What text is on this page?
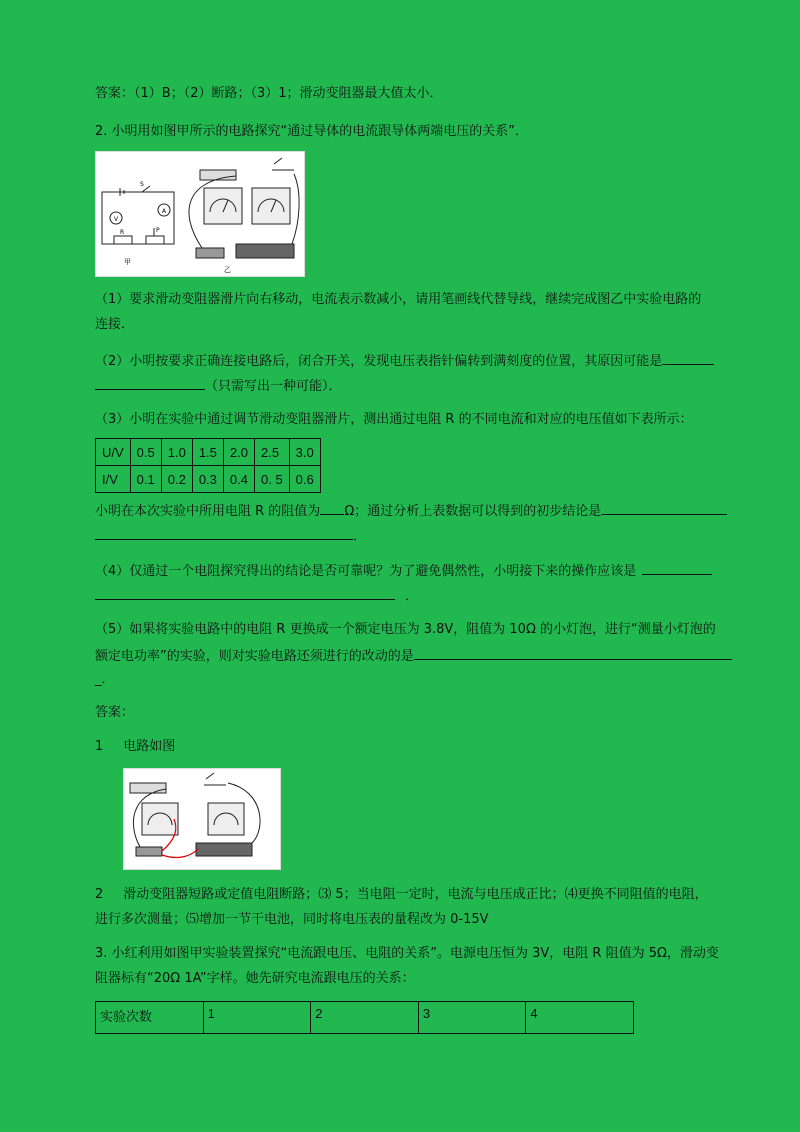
答案：（1）B；（2）断路；（3）1；滑动变阻器最大值太小．
2. 小明用如图甲所示的电路探究“通过导体的电流跟导体两端电压的关系”．
S
V
A
R	P
甲
乙
（1）要求滑动变阻器滑片向右移动，电流表示数减小，请用笔画线代替导线，继续完成图乙中实验电路的
连接．
（2）小明按要求正确连接电路后，闭合开关，发现电压表指针偏转到满刻度的位置，其原因可能是
（只需写出一种可能）．
（3）小明在实验中通过调节滑动变阻器滑片，测出通过电阻 R 的不同电流和对应的电压值如下表所示：
U/V	0.5	1.0	1.5	2.0	2.5	3.0
I/V	0.1	0.2	0.3	0.4	0. 5	0.6
小明在本次实验中所用电阻 R 的阻值为 Ω；通过分析上表数据可以得到的初步结论是
．
（4）仅通过一个电阻探究得出的结论是否可靠呢？为了避免偶然性，小明接下来的操作应该是
．
（5）如果将实验电路中的电阻 R 更换成一个额定电压为 3.8V，阻值为 10Ω 的小灯泡，进行“测量小灯泡的
额定电功率”的实验，则对实验电路还须进行的改动的是
_．
答案：
1 电路如图
2 滑动变阻器短路或定值电阻断路；⑶ 5；当电阻一定时，电流与电压成正比；⑷更换不同阻值的电阻，
进行多次测量；⑸增加一节干电池，同时将电压表的量程改为 0-15V
3. 小红利用如图甲实验装置探究“电流跟电压、电阻的关系”。电源电压恒为 3V，电阻 R 阻值为 5Ω，滑动变
阻器标有“20Ω 1A”字样。她先研究电流跟电压的关系：
实验次数	1	2	3	4
